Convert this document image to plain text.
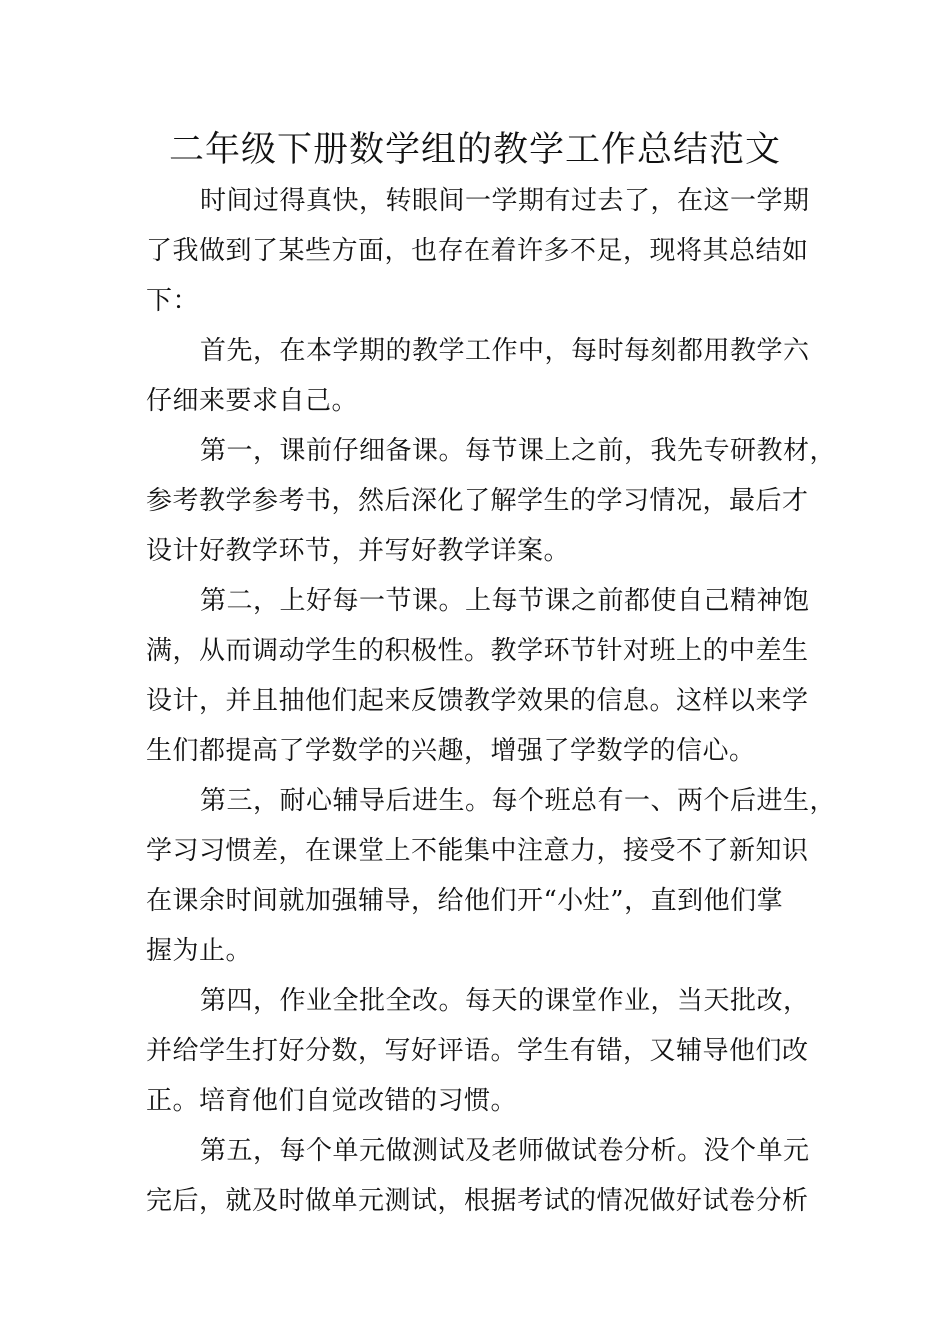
二年级下册数学组的教学工作总结范文
时间过得真快，转眼间一学期有过去了，在这一学期
了我做到了某些方面，也存在着许多不足，现将其总结如
下：
首先，在本学期的教学工作中，每时每刻都用教学六
仔细来要求自己。
第一，课前仔细备课。每节课上之前，我先专研教材，
参考教学参考书，然后深化了解学生的学习情况，最后才
设计好教学环节，并写好教学详案。
第二，上好每一节课。上每节课之前都使自己精神饱
满，从而调动学生的积极性。教学环节针对班上的中差生
设计，并且抽他们起来反馈教学效果的信息。这样以来学
生们都提高了学数学的兴趣，增强了学数学的信心。
第三，耐心辅导后进生。每个班总有一、两个后进生，
学习习惯差，在课堂上不能集中注意力，接受不了新知识
在课余时间就加强辅导，给他们开“小灶”，直到他们掌
握为止。
第四，作业全批全改。每天的课堂作业，当天批改，
并给学生打好分数，写好评语。学生有错，又辅导他们改
正。培育他们自觉改错的习惯。
第五，每个单元做测试及老师做试卷分析。没个单元
完后，就及时做单元测试，根据考试的情况做好试卷分析
